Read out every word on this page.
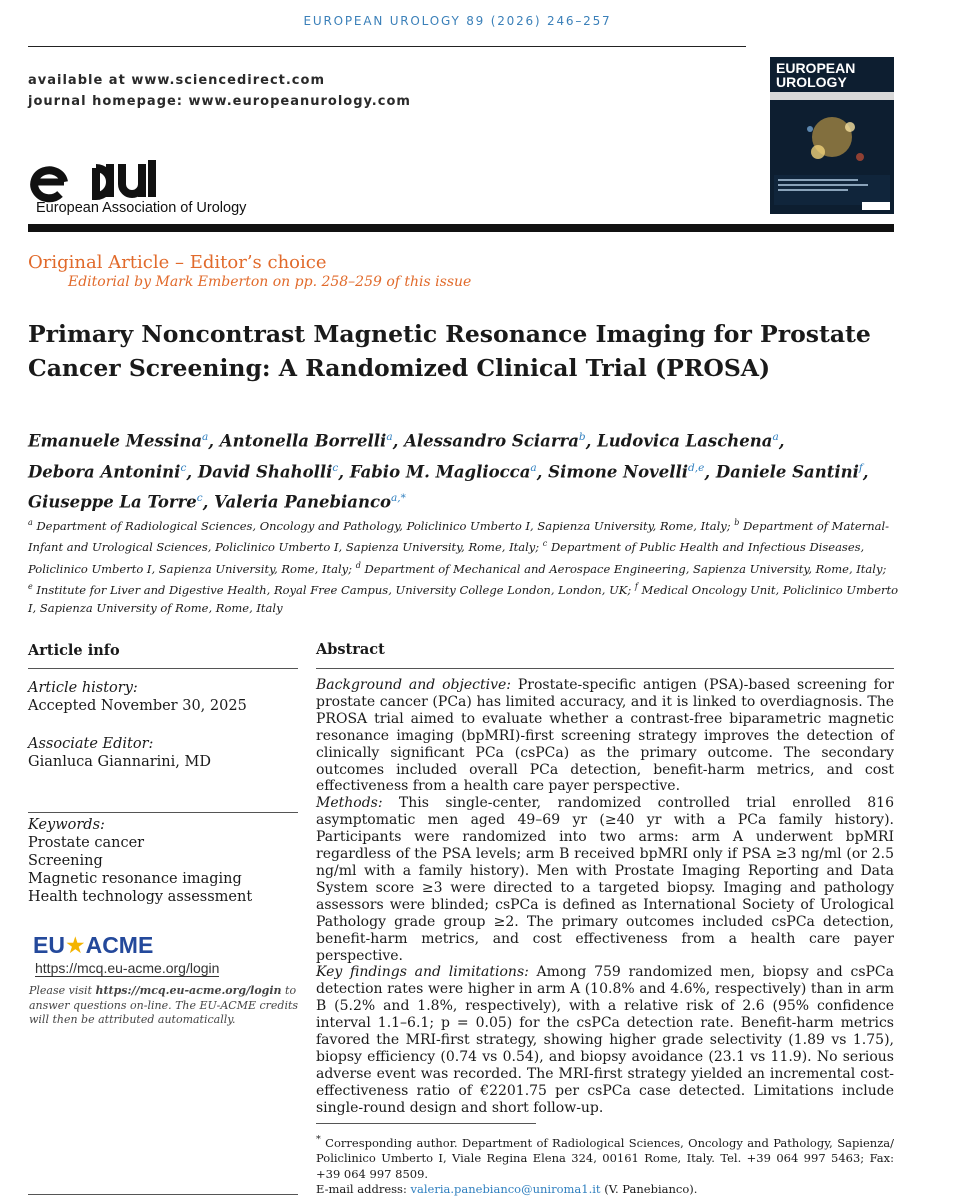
EUROPEAN UROLOGY 89 (2026) 246–257
available at www.sciencedirect.com
journal homepage: www.europeanurology.com
European Association of Urology
EUROPEAN
UROLOGY
Original Article – Editor’s choice
Editorial by Mark Emberton on pp. 258–259 of this issue
Primary Noncontrast Magnetic Resonance Imaging for Prostate
Cancer Screening: A Randomized Clinical Trial (PROSA)
Emanuele Messina$^a$, Antonella Borrelli$^a$, Alessandro Sciarra$^b$, Ludovica Laschena$^a$,
Debora Antonini$^c$, David Shaholli$^c$, Fabio M. Magliocca$^a$, Simone Novelli$^{d,e}$, Daniele Santini$^f$,
Giuseppe La Torre$^c$, Valeria Panebianco$^{a,*}$
$^a$ Department of Radiological Sciences, Oncology and Pathology, Policlinico Umberto I, Sapienza University, Rome, Italy; $^b$ Department of Maternal-Infant and Urological Sciences, Policlinico Umberto I, Sapienza University, Rome, Italy; $^c$ Department of Public Health and Infectious Diseases, Policlinico Umberto I, Sapienza University, Rome, Italy; $^d$ Department of Mechanical and Aerospace Engineering, Sapienza University, Rome, Italy; $^e$ Institute for Liver and Digestive Health, Royal Free Campus, University College London, London, UK; $^f$ Medical Oncology Unit, Policlinico Umberto I, Sapienza University of Rome, Rome, Italy
Article info
Article history:
Accepted November 30, 2025
Associate Editor:
Gianluca Giannarini, MD
Keywords:
Prostate cancer
Screening
Magnetic resonance imaging
Health technology assessment
EU★ACME
https://mcq.eu-acme.org/login
Please visit https://mcq.eu-acme.org/login to answer questions on-line. The EU-ACME credits will then be attributed automatically.
Abstract

Background and objective: Prostate-specific antigen (PSA)-based screening for prostate cancer (PCa) has limited accuracy, and it is linked to overdiagnosis. The PROSA trial aimed to evaluate whether a contrast-free biparametric magnetic resonance imaging (bpMRI)-first screening strategy improves the detection of clinically significant PCa (csPCa) as the primary outcome. The secondary outcomes included overall PCa detection, benefit-harm metrics, and cost effectiveness from a health care payer perspective.

Methods: This single-center, randomized controlled trial enrolled 816 asymptomatic men aged 49–69 yr (≥40 yr with a PCa family history). Participants were randomized into two arms: arm A underwent bpMRI regardless of the PSA levels; arm B received bpMRI only if PSA ≥3 ng/ml (or 2.5 ng/ml with a family history). Men with Prostate Imaging Reporting and Data System score ≥3 were directed to a targeted biopsy. Imaging and pathology assessors were blinded; csPCa is defined as International Society of Urological Pathology grade group ≥2. The primary outcomes included csPCa detection, benefit-harm metrics, and cost effectiveness from a health care payer perspective.

Key findings and limitations: Among 759 randomized men, biopsy and csPCa detection rates were higher in arm A (10.8% and 4.6%, respectively) than in arm B (5.2% and 1.8%, respectively), with a relative risk of 2.6 (95% confidence interval 1.1–6.1; p = 0.05) for the csPCa detection rate. Benefit-harm metrics favored the MRI-first strategy, showing higher grade selectivity (1.89 vs 1.75), biopsy efficiency (0.74 vs 0.54), and biopsy avoidance (23.1 vs 11.9). No serious adverse event was recorded. The MRI-first strategy yielded an incremental cost-effectiveness ratio of €2201.75 per csPCa case detected. Limitations include single-round design and short follow-up.

* Corresponding author. Department of Radiological Sciences, Oncology and Pathology, Sapienza/ Policlinico Umberto I, Viale Regina Elena 324, 00161 Rome, Italy. Tel. +39 064 997 5463; Fax: +39 064 997 8509.
E-mail address: valeria.panebianco@uniroma1.it (V. Panebianco).
